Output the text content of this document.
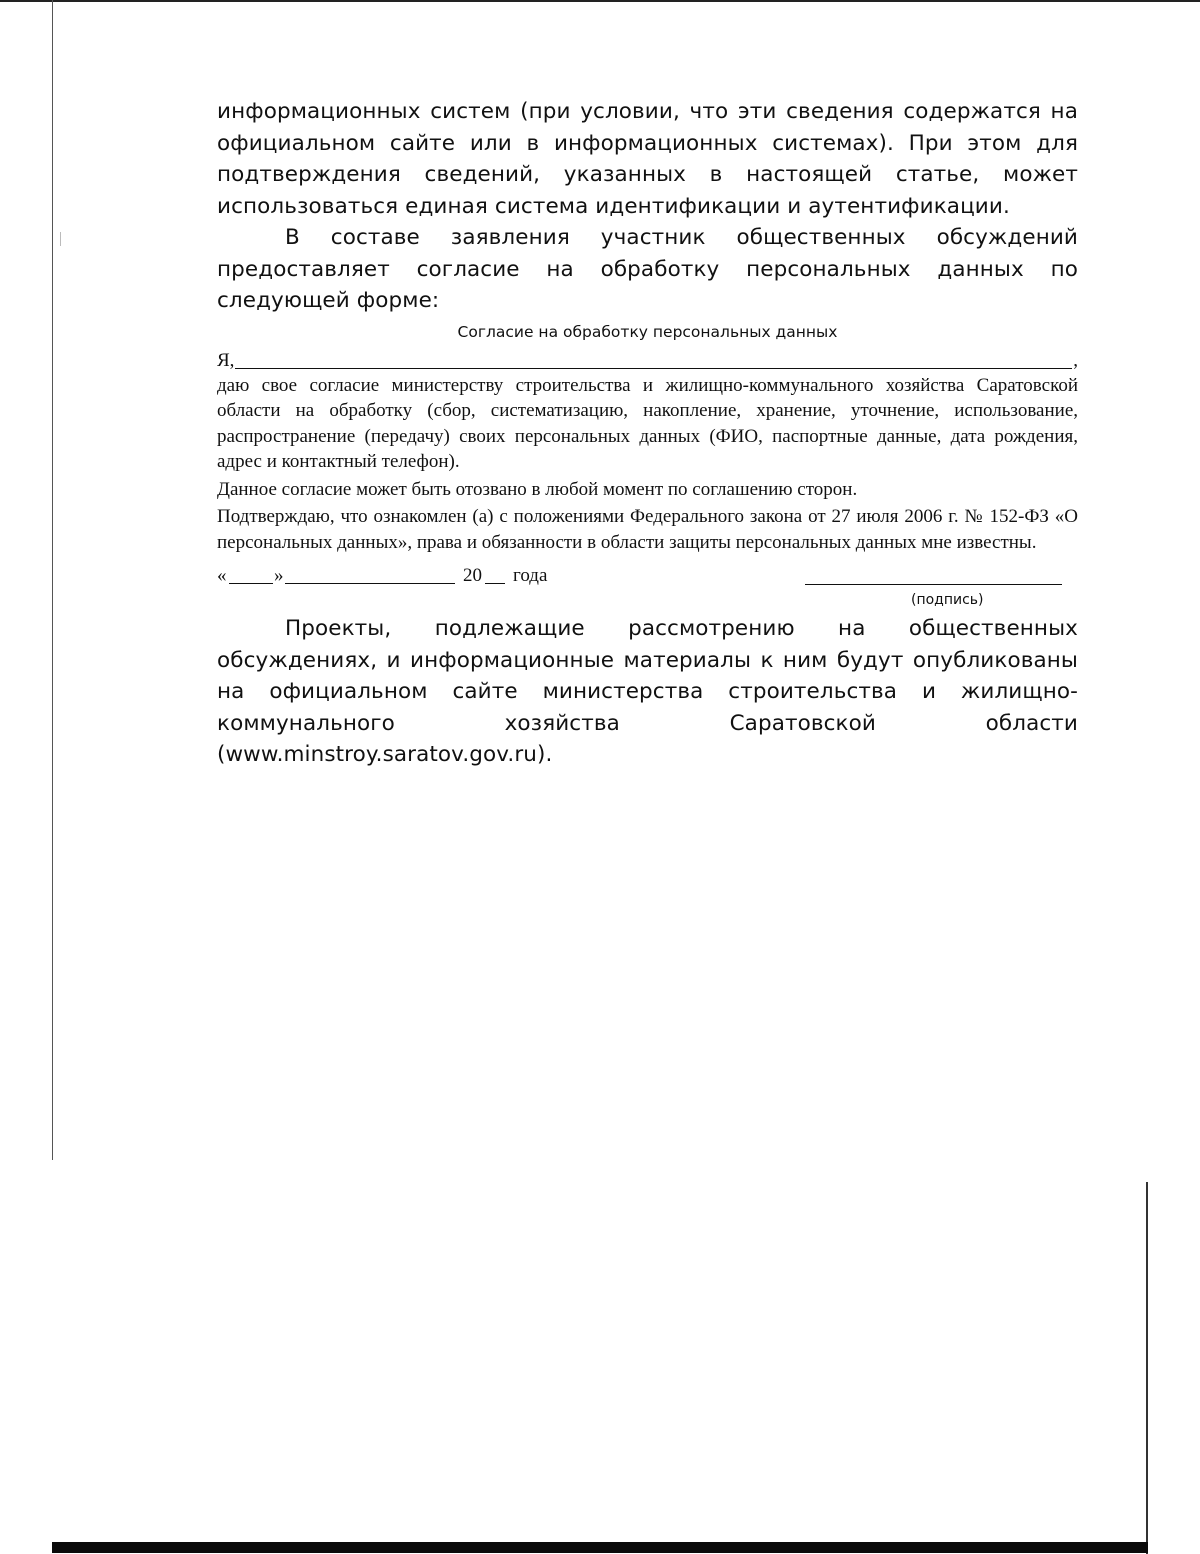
информационных систем (при условии, что эти сведения содержатся на официальном сайте или в информационных системах). При этом для подтверждения сведений, указанных в настоящей статье, может использоваться единая система идентификации и аутентификации.

В составе заявления участник общественных обсуждений предоставляет согласие на обработку персональных данных по следующей форме:

Согласие на обработку персональных данных
Я,	,

даю свое согласие министерству строительства и жилищно-коммунального хозяйства Саратовской области на обработку (сбор, систематизацию, накопление, хранение, уточнение, использование, распространение (передачу) своих персональных данных (ФИО, паспортные данные, дата рождения, адрес и контактный телефон).

Данное согласие может быть отозвано в любой момент по соглашению сторон.

Подтверждаю, что ознакомлен (а) с положениями Федерального закона от 27 июля 2006 г. № 152-ФЗ «О персональных данных», права и обязанности в области защиты персональных данных мне известны.

«	»	20 года
(подпись)

Проекты, подлежащие рассмотрению на общественных обсуждениях, и информационные материалы к ним будут опубликованы на официальном сайте министерства строительства и жилищно-коммунального хозяйства Саратовской области (www.minstroy.saratov.gov.ru).
